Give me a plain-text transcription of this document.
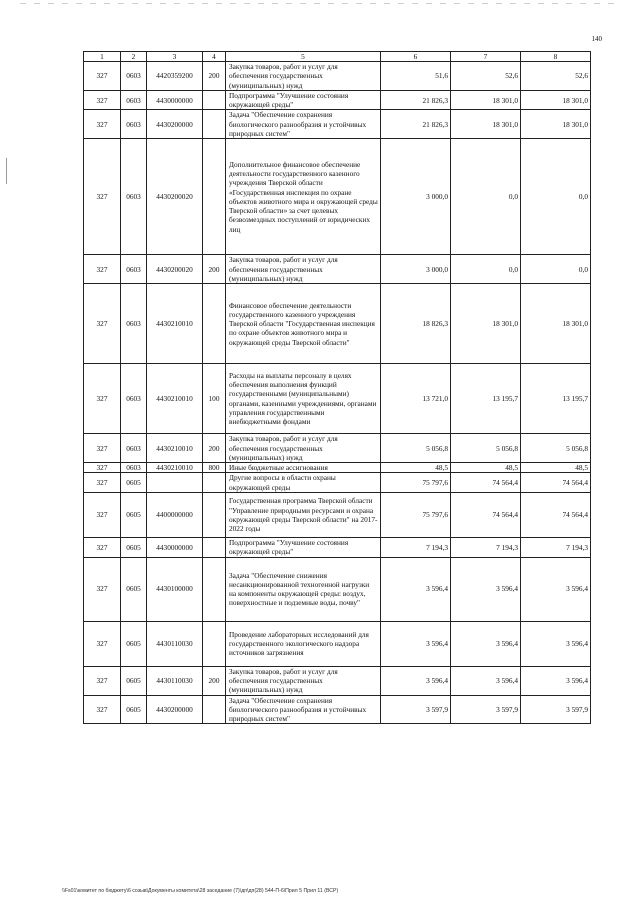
140
1	2	3	4	5	6	7	8
327	0603	4420359200	200	Закупка товаров, работ и услуг для обеспечения государственных (муниципальных) нужд	51,6	52,6	52,6
327	0603	4430000000		Подпрограмма "Улучшение состояния окружающей среды"	21 826,3	18 301,0	18 301,0
327	0603	4430200000		Задача "Обеспечение сохранения биологического разнообразия и устойчивых природных систем"	21 826,3	18 301,0	18 301,0
327	0603	4430200020		Дополнительное финансовое обеспечение деятельности государственного казенного учреждения Тверской области «Государственная инспекция по охране объектов животного мира и окружающей среды Тверской области» за счет целевых безвозмездных поступлений от юридических лиц	3 000,0	0,0	0,0
327	0603	4430200020	200	Закупка товаров, работ и услуг для обеспечения государственных (муниципальных) нужд	3 000,0	0,0	0,0
327	0603	4430210010		Финансовое обеспечение деятельности государственного казенного учреждения Тверской области "Государственная инспекция по охране объектов животного мира и окружающей среды Тверской области"	18 826,3	18 301,0	18 301,0
327	0603	4430210010	100	Расходы на выплаты персоналу в целях обеспечения выполнения функций государственными (муниципальными) органами, казенными учреждениями, органами управления государственными внебюджетными фондами	13 721,0	13 195,7	13 195,7
327	0603	4430210010	200	Закупка товаров, работ и услуг для обеспечения государственных (муниципальных) нужд	5 056,8	5 056,8	5 056,8
327	0603	4430210010	800	Иные бюджетные ассигнования	48,5	48,5	48,5
327	0605			Другие вопросы в области охраны окружающей среды	75 797,6	74 564,4	74 564,4
327	0605	4400000000		Государственная программа Тверской области "Управление природными ресурсами и охрана окружающей среды Тверской области" на 2017-2022 годы	75 797,6	74 564,4	74 564,4
327	0605	4430000000		Подпрограмма "Улучшение состояния окружающей среды"	7 194,3	7 194,3	7 194,3
327	0605	4430100000		Задача "Обеспечение снижения несанкционированной техногенной нагрузки на компоненты окружающей среды: воздух, поверхностные и подземные воды, почву"	3 596,4	3 596,4	3 596,4
327	0605	4430110030		Проведение лабораторных исследований для государственного экологического надзора источников загрязнения	3 596,4	3 596,4	3 596,4
327	0605	4430110030	200	Закупка товаров, работ и услуг для обеспечения государственных (муниципальных) нужд	3 596,4	3 596,4	3 596,4
327	0605	4430200000		Задача "Обеспечение сохранения биологического разнообразия и устойчивых природных систем"	3 597,9	3 597,9	3 597,9
\\Fs01\комитет по бюджету\6 созыв\Документы комитета\28 заседание (7)\дп\дп(28) 544-П-6\Прил 5 Прил 11 (ВСР)
